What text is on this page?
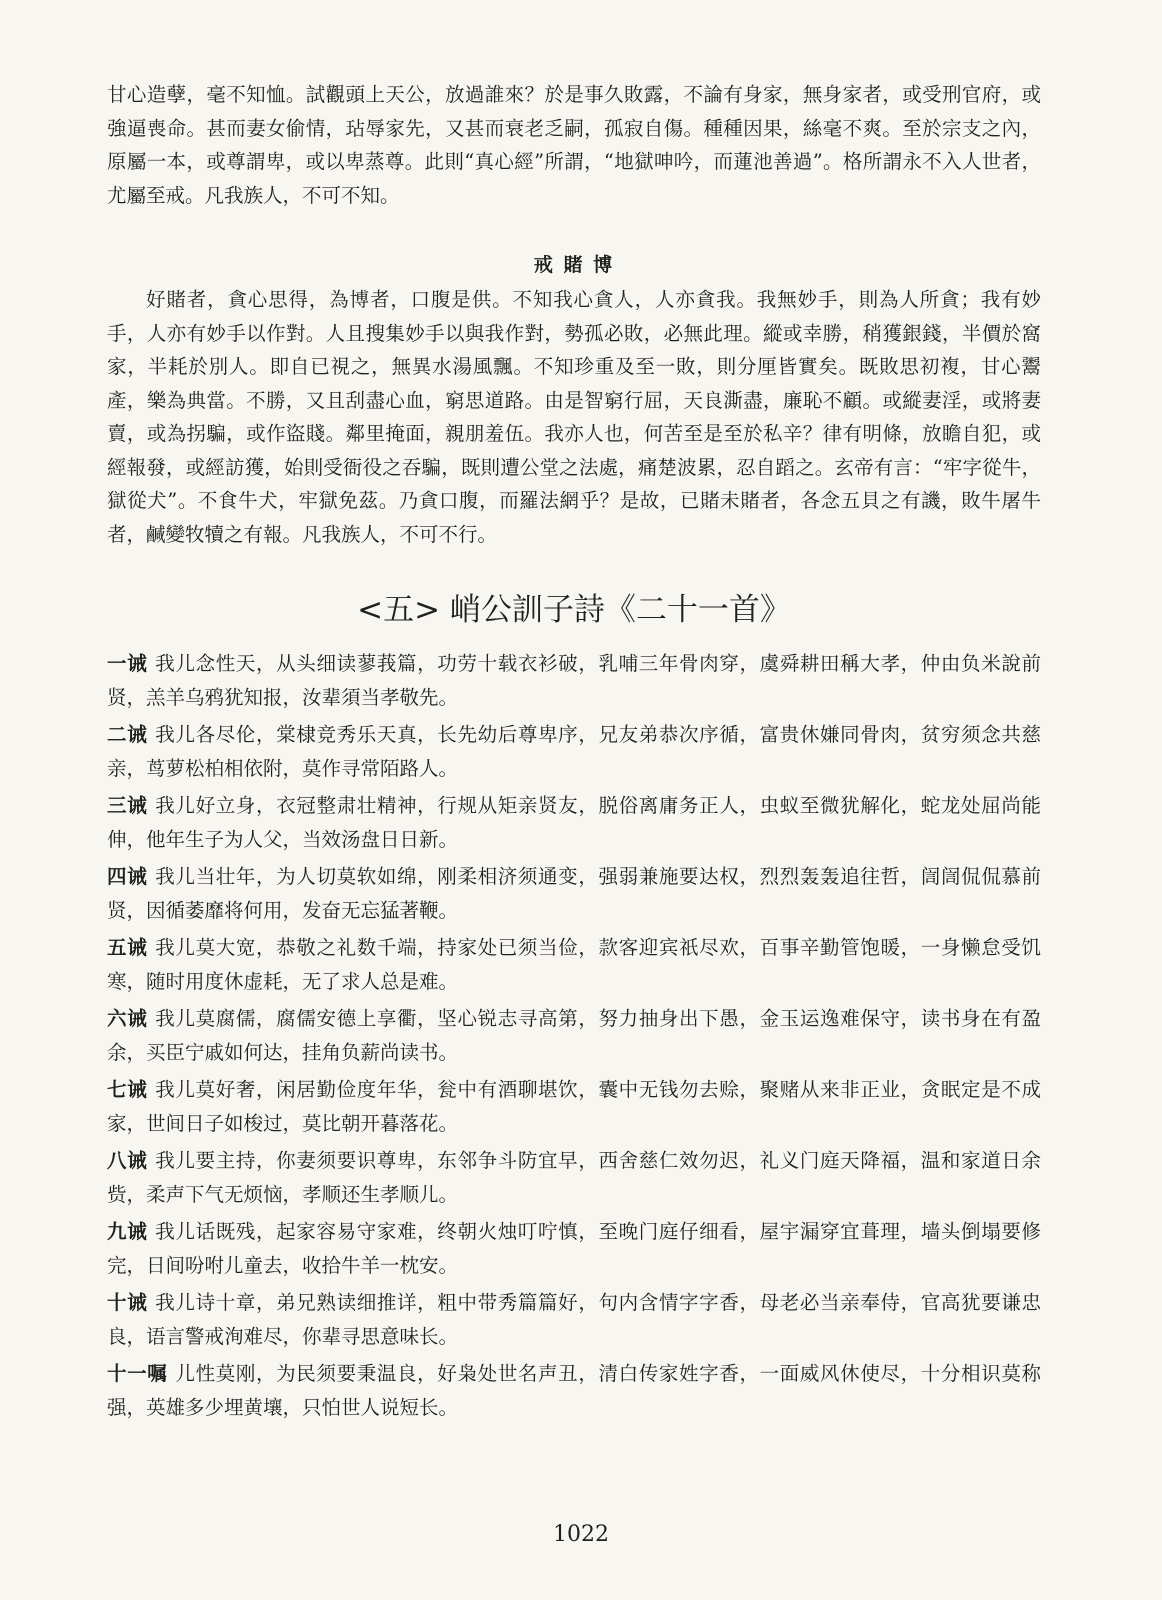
甘心造孽，毫不知恤。試觀頭上天公，放過誰來？於是事久敗露，不論有身家，無身家者，或受刑官府，或強逼喪命。甚而妻女偷情，玷辱家先，又甚而衰老乏嗣，孤寂自傷。種種因果，絲毫不爽。至於宗支之內，原屬一本，或尊謂卑，或以卑蒸尊。此則“真心經”所謂，“地獄呻吟，而蓮池善過”。格所謂永不入人世者，尤屬至戒。凡我族人，不可不知。

戒 賭 博

好賭者，貪心思得，為博者，口腹是供。不知我心貪人，人亦貪我。我無妙手，則為人所貪；我有妙手，人亦有妙手以作對。人且搜集妙手以與我作對，勢孤必敗，必無此理。縱或幸勝，稍獲銀錢，半價於窩家，半耗於別人。即自已視之，無異水湯風飄。不知珍重及至一敗，則分厘皆實矣。既敗思初複，甘心鬻產，樂為典當。不勝，又且刮盡心血，窮思道路。由是智窮行屈，天良澌盡，廉恥不顧。或縱妻淫，或將妻賣，或為拐騙，或作盜賤。鄰里掩面，親朋羞伍。我亦人也，何苦至是至於私辛？律有明條，放瞻自犯，或經報發，或經訪獲，始則受衙役之吞騙，既則遭公堂之法處，痛楚波累，忍自蹈之。玄帝有言：“牢字從牛，獄從犬”。不食牛犬，牢獄免茲。乃貪口腹，而羅法網乎？是故，已賭未賭者，各念五貝之有譏，敗牛屠牛者，鹹變牧犢之有報。凡我族人，不可不行。

<五> 峭公訓子詩《二十一首》

一诫 我儿念性天，从头细读蓼莪篇，功劳十载衣衫破，乳哺三年骨肉穿，虞舜耕田稱大孝，仲由负米說前贤，羔羊乌鸦犹知报，汝辈須当孝敬先。

二诫 我儿各尽伦，棠棣竞秀乐天真，长先幼后尊卑序，兄友弟恭次序循，富贵休嫌同骨肉，贫穷须念共慈亲，茑萝松柏相依附，莫作寻常陌路人。

三诫 我儿好立身，衣冠整肃壮精神，行规从矩亲贤友，脱俗离庸务正人，虫蚁至微犹解化，蛇龙处屈尚能伸，他年生子为人父，当效汤盘日日新。

四诫 我儿当壮年，为人切莫软如绵，刚柔相济须通变，强弱兼施要达权，烈烈轰轰追往哲，訚訚侃侃慕前贤，因循萎靡将何用，发奋无忘猛著鞭。

五诫 我儿莫大宽，恭敬之礼数千端，持家处已须当俭，款客迎宾祇尽欢，百事辛勤管饱暖，一身懒怠受饥寒，随时用度休虚耗，无了求人总是难。

六诫 我儿莫腐儒，腐儒安德上享衢，坚心锐志寻高第，努力抽身出下愚，金玉运逸难保守，读书身在有盈余，买臣宁戚如何达，挂角负薪尚读书。

七诫 我儿莫好奢，闲居勤俭度年华，瓮中有酒聊堪饮，囊中无钱勿去赊，聚赌从来非正业，贪眠定是不成家，世间日子如梭过，莫比朝开暮落花。

八诫 我儿要主持，你妻须要识尊卑，东邻争斗防宜早，西舍慈仁效勿迟，礼义门庭天降福，温和家道日余赀，柔声下气无烦恼，孝顺还生孝顺儿。

九诫 我儿话既残，起家容易守家难，终朝火烛叮咛慎，至晚门庭仔细看，屋宇漏穿宜葺理，墙头倒塌要修完，日间吩咐儿童去，收拾牛羊一枕安。

十诫 我儿诗十章，弟兄熟读细推详，粗中带秀篇篇好，句内含情字字香，母老必当亲奉侍，官高犹要谦忠良，语言警戒洵难尽，你辈寻思意味长。

十一嘱 儿性莫刚，为民须要秉温良，好枭处世名声丑，清白传家姓字香，一面威风休使尽，十分相识莫称强，英雄多少埋黄壤，只怕世人说短长。

1022
